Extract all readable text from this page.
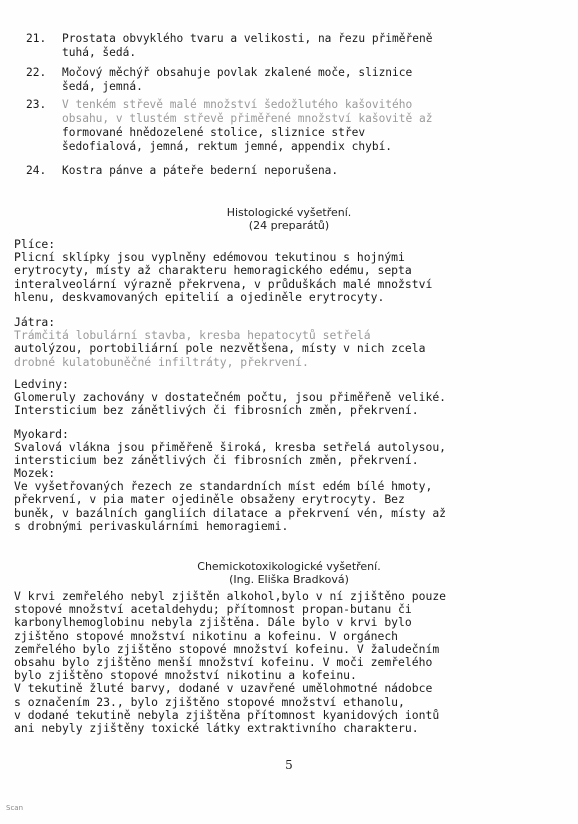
21.	Prostata obvyklého tvaru a velikosti, na řezu přiměřeně
tuhá, šedá.
22.	Močový měchýř obsahuje povlak zkalené moče, sliznice
šedá, jemná.
23.	V tenkém střevě malé množství šedožlutého kašovitého
obsahu, v tlustém střevě přiměřené množství kašovitě až
formované hnědozelené stolice, sliznice střev
šedofialová, jemná, rektum jemné, appendix chybí.
24.	Kostra pánve a páteře bederní neporušena.
Histologické vyšetření.
(24 preparátů)
Plíce:
Plicní sklípky jsou vyplněny edémovou tekutinou s hojnými
erytrocyty, místy až charakteru hemoragického edému, septa
interalveolární výrazně překrvena, v průduškách malé množství
hlenu, deskvamovaných epitelií a ojediněle erytrocyty.
Játra:
Trámčitá lobulární stavba, kresba hepatocytů setřelá
autolýzou, portobiliární pole nezvětšena, místy v nich zcela
drobné kulatobuněčné infiltráty, překrvení.
Ledviny:
Glomeruly zachovány v dostatečném počtu, jsou přiměřeně veliké.
Intersticium bez zánětlivých či fibrosních změn, překrvení.
Myokard:
Svalová vlákna jsou přiměřeně široká, kresba setřelá autolysou,
intersticium bez zánětlivých či fibrosních změn, překrvení.
Mozek:
Ve vyšetřovaných řezech ze standardních míst edém bílé hmoty,
překrvení, v pia mater ojediněle obsaženy erytrocyty. Bez
buněk, v bazálních gangliích dilatace a překrvení vén, místy až
s drobnými perivaskulárními hemoragiemi.
Chemickotoxikologické vyšetření.
(Ing. Eliška Bradková)
V krvi zemřelého nebyl zjištěn alkohol,bylo v ní zjištěno pouze
stopové množství acetaldehydu; přítomnost propan-butanu či
karbonylhemoglobinu nebyla zjištěna. Dále bylo v krvi bylo
zjištěno stopové množství nikotinu a kofeinu. V orgánech
zemřelého bylo zjištěno stopové množství kofeinu. V žaludečním
obsahu bylo zjištěno menší množství kofeinu. V moči zemřelého
bylo zjištěno stopové množství nikotinu a kofeinu.
V tekutině žluté barvy, dodané v uzavřené umělohmotné nádobce
s označením 23., bylo zjištěno stopové množství ethanolu,
v dodané tekutině nebyla zjištěna přítomnost kyanidových iontů
ani nebyly zjištěny toxické látky extraktivního charakteru.
5
Scan
